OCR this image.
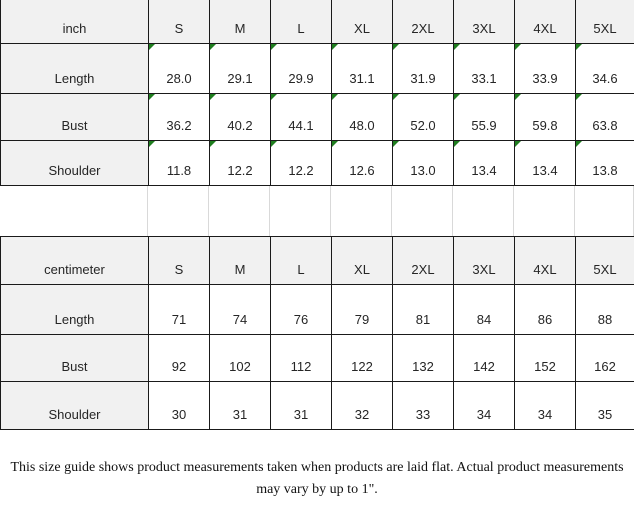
inch	S	M	L	XL	2XL	3XL	4XL	5XL
Length	28.0	29.1	29.9	31.1	31.9	33.1	33.9	34.6
Bust	36.2	40.2	44.1	48.0	52.0	55.9	59.8	63.8
Shoulder	11.8	12.2	12.2	12.6	13.0	13.4	13.4	13.8
centimeter	S	M	L	XL	2XL	3XL	4XL	5XL
Length	71	74	76	79	81	84	86	88
Bust	92	102	112	122	132	142	152	162
Shoulder	30	31	31	32	33	34	34	35
This size guide shows product measurements taken when products are laid flat. Actual product measurements
may vary by up to 1".
